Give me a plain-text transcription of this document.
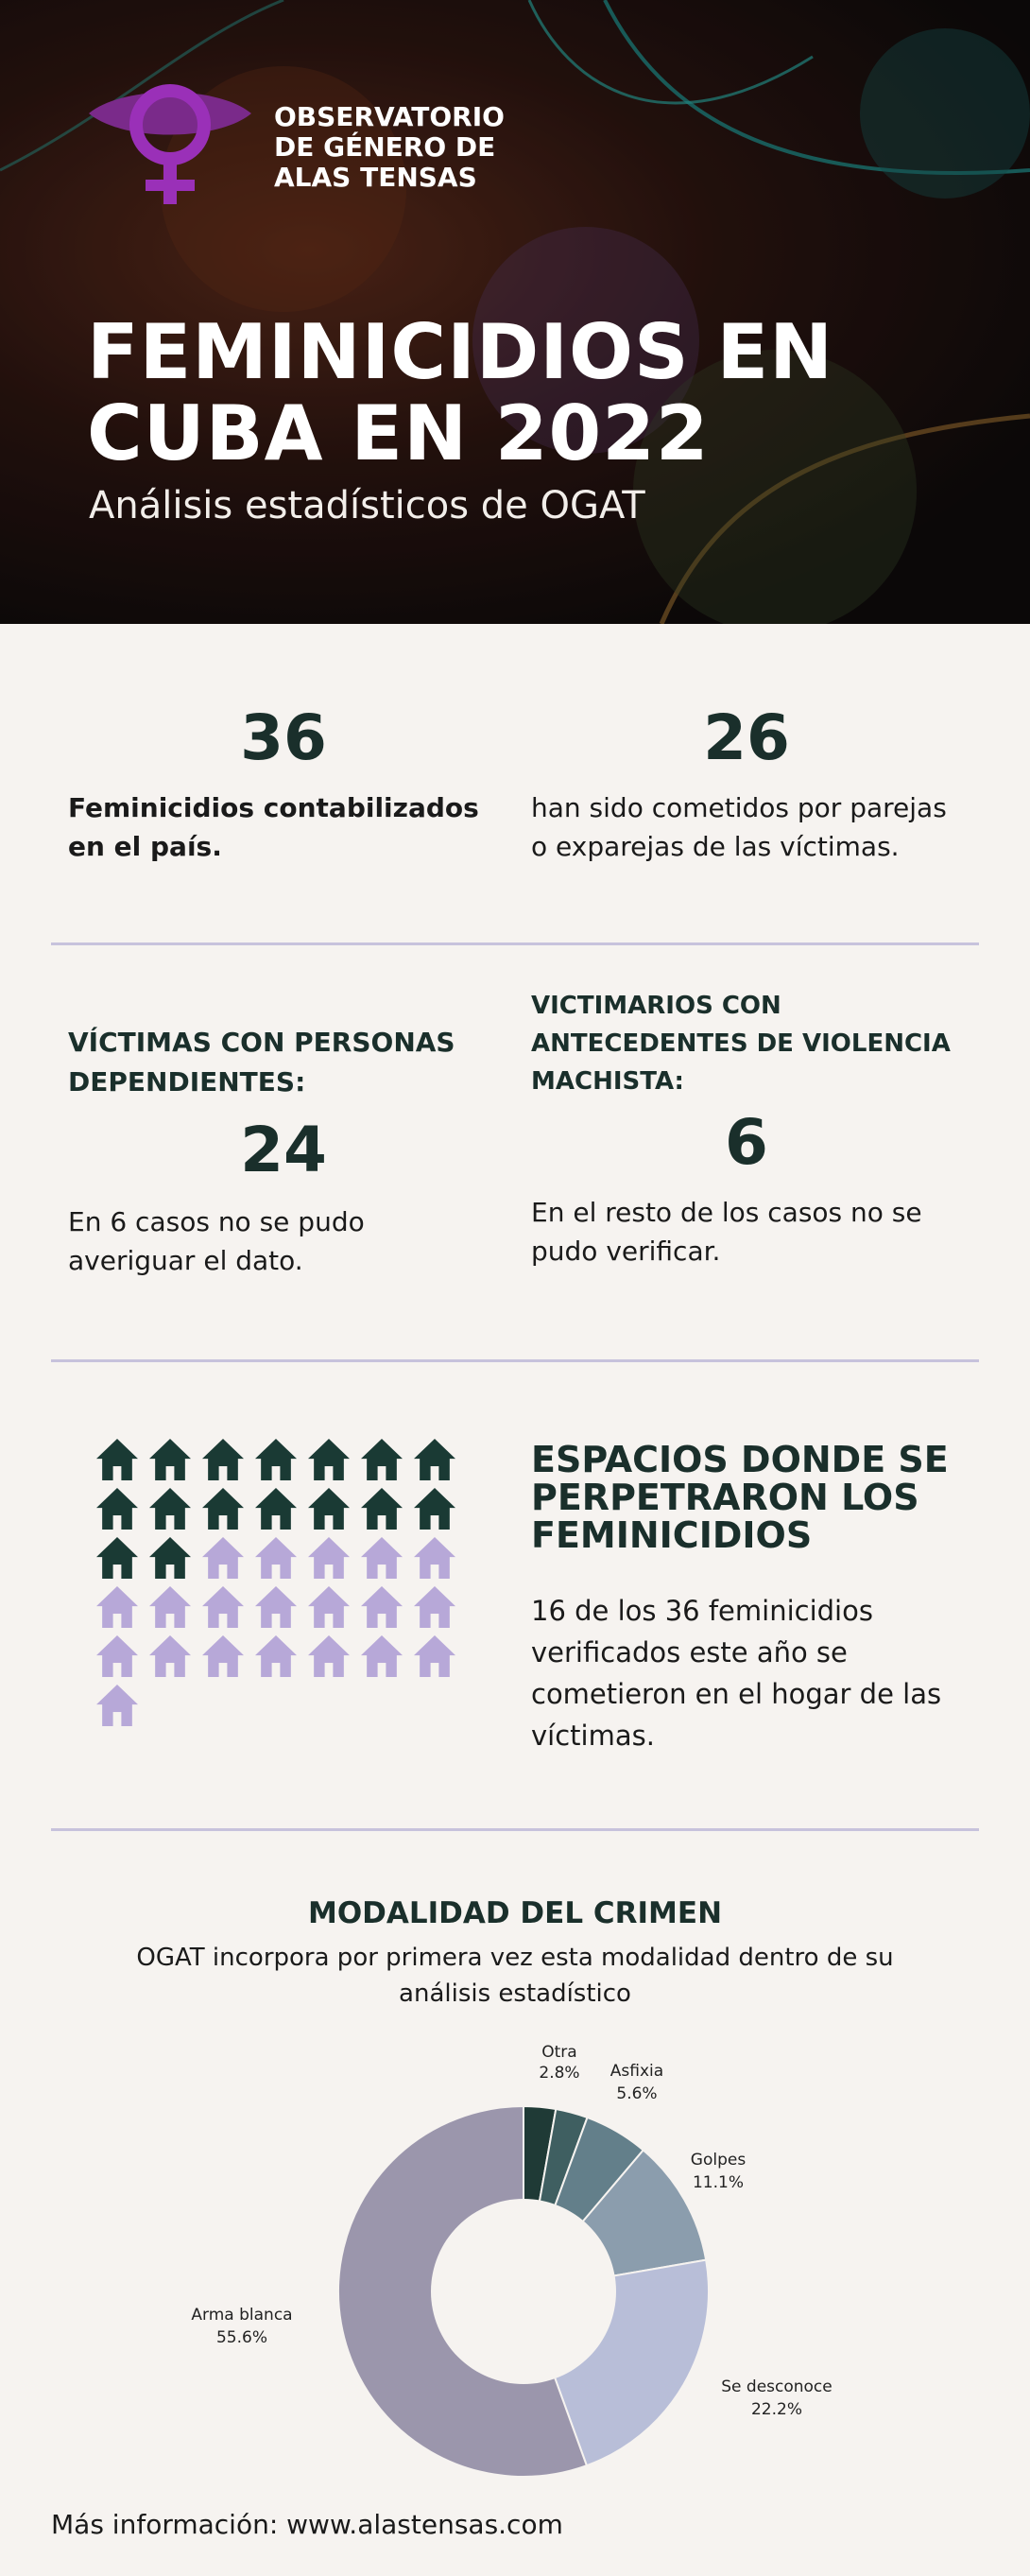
OBSERVATORIO
DE GÉNERO DE
ALAS TENSAS
FEMINICIDIOS EN
CUBA EN 2022
Análisis estadísticos de OGAT
36
Feminicidios contabilizados
en el país.
26
han sido cometidos por parejas
o exparejas de las víctimas.
VÍCTIMAS CON PERSONAS
DEPENDIENTES:
24
En 6 casos no se pudo
averiguar el dato.
VICTIMARIOS CON
ANTECEDENTES DE VIOLENCIA
MACHISTA:
6
En el resto de los casos no se
pudo verificar.
ESPACIOS DONDE SE
PERPETRARON LOS
FEMINICIDIOS
16 de los 36 feminicidios
verificados este año se
cometieron en el hogar de las
víctimas.
MODALIDAD DEL CRIMEN
OGAT incorpora por primera vez esta modalidad dentro de su
análisis estadístico
Otra
2.8% Asfixia
5.6%
Golpes
11.1%
Se desconoce
22.2%
Arma blanca
55.6%
Más información: www.alastensas.com
